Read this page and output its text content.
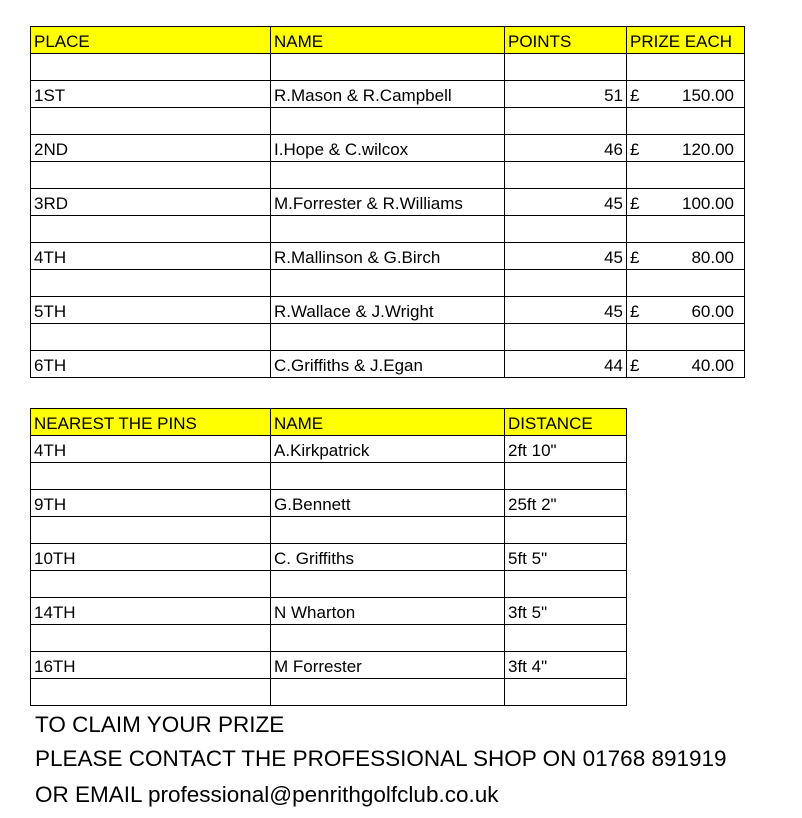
PLACE	NAME	POINTS	PRIZE EACH

1ST	R.Mason & R.Campbell	51	£ 150.00

2ND	I.Hope & C.wilcox	46	£ 120.00

3RD	M.Forrester & R.Williams	45	£ 100.00

4TH	R.Mallinson & G.Birch	45	£ 80.00

5TH	R.Wallace & J.Wright	45	£ 60.00

6TH	C.Griffiths & J.Egan	44	£ 40.00
NEAREST THE PINS	NAME	DISTANCE
4TH	A.Kirkpatrick	2ft 10"

9TH	G.Bennett	25ft 2"

10TH	C. Griffiths	5ft 5"

14TH	N Wharton	3ft 5"

16TH	M Forrester	3ft 4"

TO CLAIM YOUR PRIZE
PLEASE CONTACT THE PROFESSIONAL SHOP ON 01768 891919
OR EMAIL professional@penrithgolfclub.co.uk
